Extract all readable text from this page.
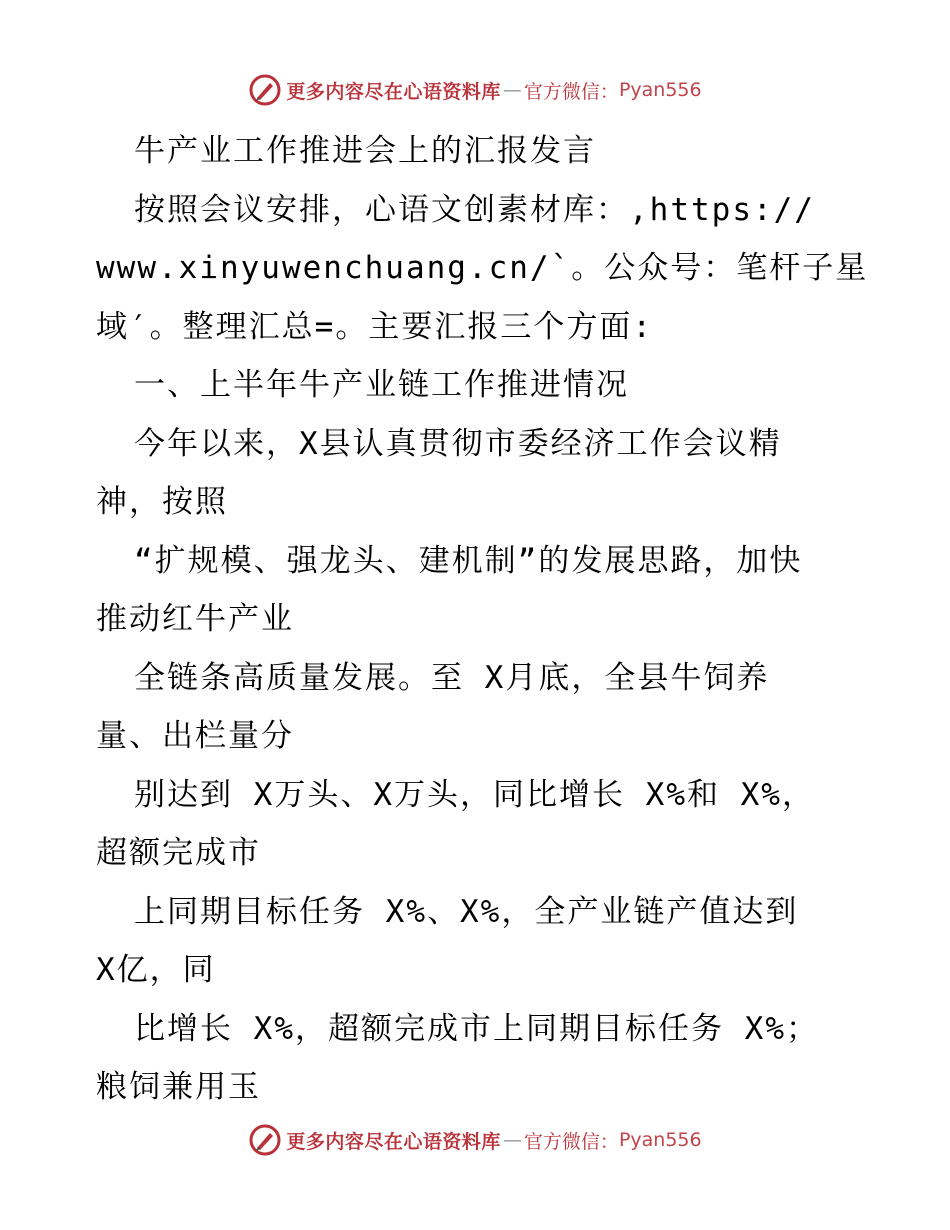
更多内容尽在心语资料库 — 官方微信： Pyan556
牛产业工作推进会上的汇报发言
按照会议安排，心语文创素材库：,https://
www.xinyuwenchuang.cn/`。公众号：笔杆子星
域′。整理汇总=。主要汇报三个方面:
一、上半年牛产业链工作推进情况
今年以来，X县认真贯彻市委经济工作会议精
神，按照
“扩规模、强龙头、建机制”的发展思路，加快
推动红牛产业
全链条高质量发展。至 X月底，全县牛饲养
量、出栏量分
别达到 X万头、X万头，同比增长 X%和 X%，
超额完成市
上同期目标任务 X%、X%，全产业链产值达到
X亿，同
比增长 X%，超额完成市上同期目标任务 X%；
粮饲兼用玉
更多内容尽在心语资料库 — 官方微信： Pyan556
